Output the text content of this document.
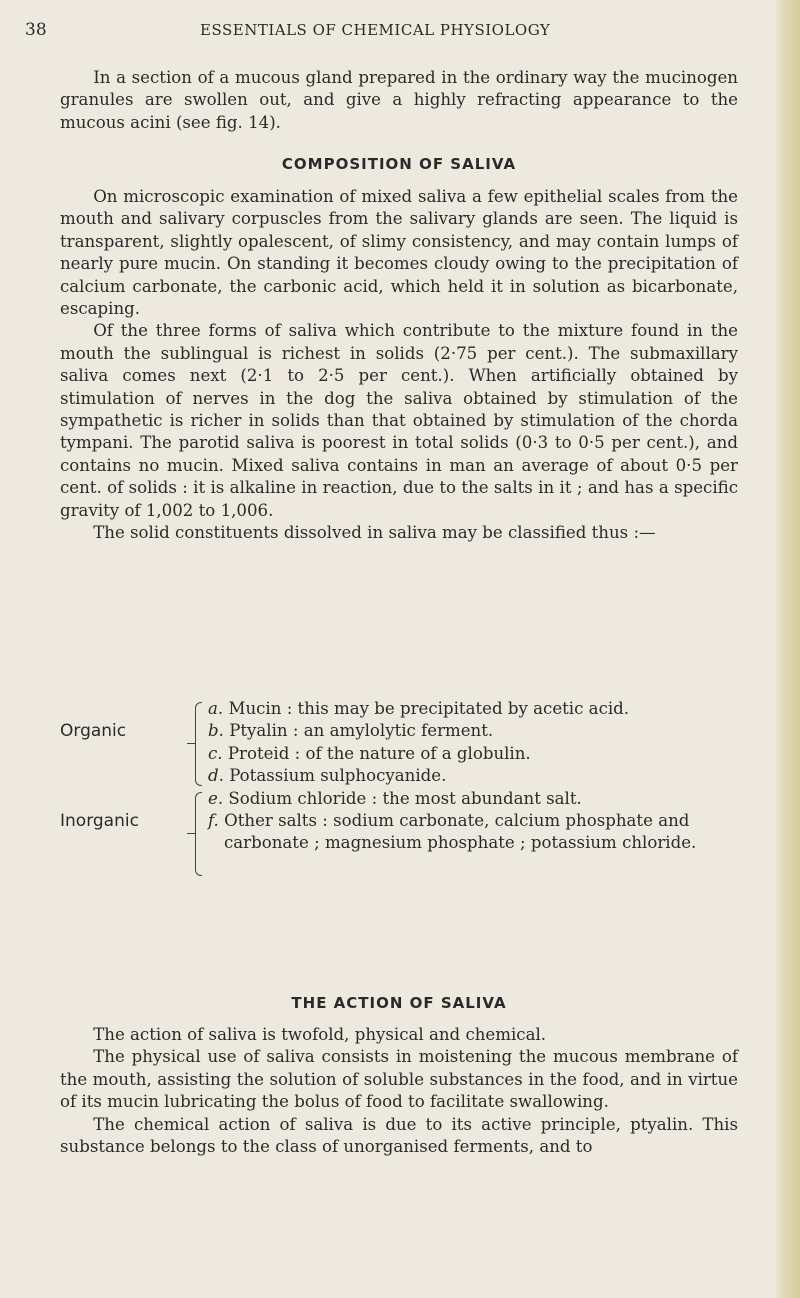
38	ESSENTIALS OF CHEMICAL PHYSIOLOGY

In a section of a mucous gland prepared in the ordinary way the mucinogen granules are swollen out, and give a highly refracting appearance to the mucous acini (see fig. 14).

COMPOSITION OF SALIVA

On microscopic examination of mixed saliva a few epithelial scales from the mouth and salivary corpuscles from the salivary glands are seen. The liquid is transparent, slightly opalescent, of slimy consistency, and may contain lumps of nearly pure mucin. On standing it becomes cloudy owing to the precipitation of calcium carbonate, the carbonic acid, which held it in solution as bicarbonate, escaping.

Of the three forms of saliva which contribute to the mixture found in the mouth the sublingual is richest in solids (2·75 per cent.). The submaxillary saliva comes next (2·1 to 2·5 per cent.). When artificially obtained by stimulation of nerves in the dog the saliva obtained by stimulation of the sympathetic is richer in solids than that obtained by stimulation of the chorda tympani. The parotid saliva is poorest in total solids (0·3 to 0·5 per cent.), and contains no mucin. Mixed saliva contains in man an average of about 0·5 per cent. of solids : it is alkaline in reaction, due to the salts in it ; and has a specific gravity of 1,002 to 1,006.

The solid constituents dissolved in saliva may be classified thus :—

Organic
a. Mucin : this may be precipitated by acetic acid.
b. Ptyalin : an amylolytic ferment.
c. Proteid : of the nature of a globulin.
d. Potassium sulphocyanide.
Inorganic
e. Sodium chloride : the most abundant salt.
f. Other salts : sodium carbonate, calcium phosphate and carbonate ; magnesium phosphate ; potassium chloride.
THE ACTION OF SALIVA

The action of saliva is twofold, physical and chemical.

The physical use of saliva consists in moistening the mucous membrane of the mouth, assisting the solution of soluble substances in the food, and in virtue of its mucin lubricating the bolus of food to facilitate swallowing.

The chemical action of saliva is due to its active principle, ptyalin. This substance belongs to the class of unorganised ferments, and to
